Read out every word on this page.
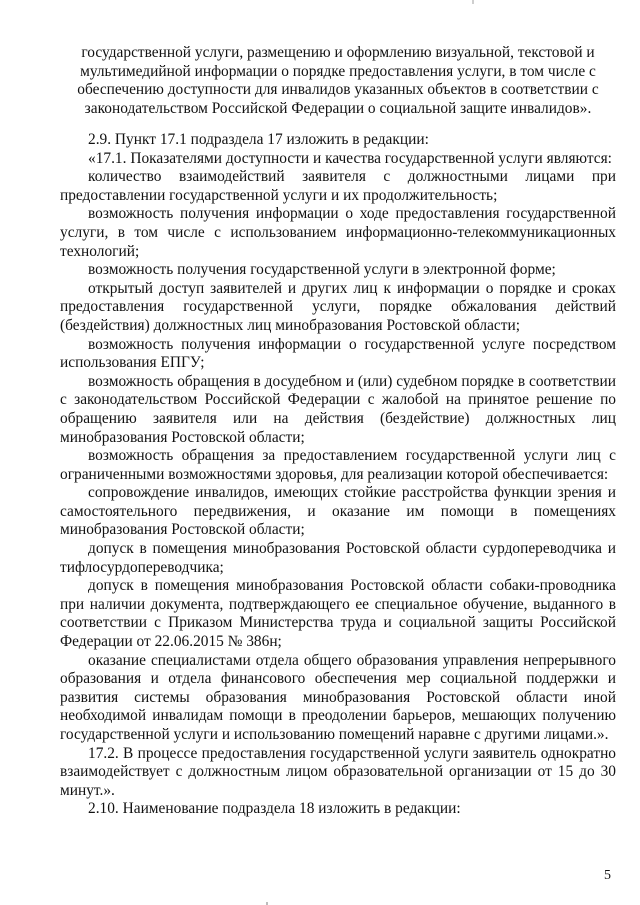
государственной услуги, размещению и оформлению визуальной, текстовой и мультимедийной информации о порядке предоставления услуги, в том числе с обеспечению доступности для инвалидов указанных объектов в соответствии с законодательством Российской Федерации о социальной защите инвалидов».

2.9. Пункт 17.1 подраздела 17 изложить в редакции:

«17.1. Показателями доступности и качества государственной услуги являются:

количество взаимодействий заявителя с должностными лицами при предоставлении государственной услуги и их продолжительность;

возможность получения информации о ходе предоставления государственной услуги, в том числе с использованием информационно-телекоммуникационных технологий;

возможность получения государственной услуги в электронной форме;

открытый доступ заявителей и других лиц к информации о порядке и сроках предоставления государственной услуги, порядке обжалования действий (бездействия) должностных лиц минобразования Ростовской области;

возможность получения информации о государственной услуге посредством использования ЕПГУ;

возможность обращения в досудебном и (или) судебном порядке в соответствии с законодательством Российской Федерации с жалобой на принятое решение по обращению заявителя или на действия (бездействие) должностных лиц минобразования Ростовской области;

возможность обращения за предоставлением государственной услуги лиц с ограниченными возможностями здоровья, для реализации которой обеспечивается:

сопровождение инвалидов, имеющих стойкие расстройства функции зрения и самостоятельного передвижения, и оказание им помощи в помещениях минобразования Ростовской области;

допуск в помещения минобразования Ростовской области сурдопереводчика и тифлосурдопереводчика;

допуск в помещения минобразования Ростовской области собаки-проводника при наличии документа, подтверждающего ее специальное обучение, выданного в соответствии с Приказом Министерства труда и социальной защиты Российской Федерации от 22.06.2015 № 386н;

оказание специалистами отдела общего образования управления непрерывного образования и отдела финансового обеспечения мер социальной поддержки и развития системы образования минобразования Ростовской области иной необходимой инвалидам помощи в преодолении барьеров, мешающих получению государственной услуги и использованию помещений наравне с другими лицами.».

17.2. В процессе предоставления государственной услуги заявитель однократно взаимодействует с должностным лицом образовательной организации от 15 до 30 минут.».

2.10. Наименование подраздела 18 изложить в редакции:

5
